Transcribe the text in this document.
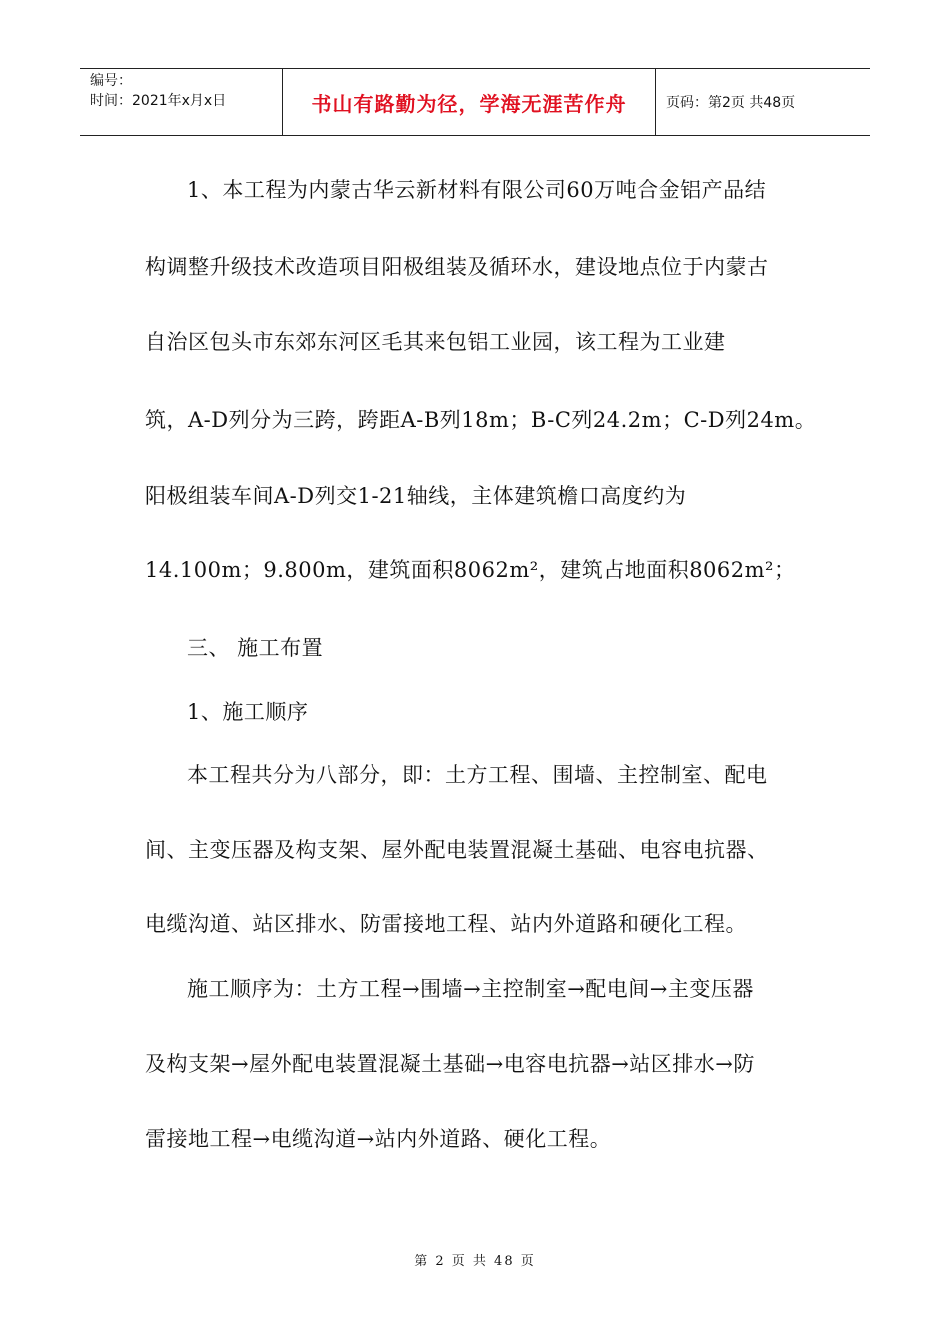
编号：
时间：2021年x月x日	书山有路勤为径，学海无涯苦作舟	页码：第2页 共48页
1、本工程为内蒙古华云新材料有限公司60万吨合金铝产品结
构调整升级技术改造项目阳极组装及循环水，建设地点位于内蒙古
自治区包头市东郊东河区毛其来包铝工业园，该工程为工业建
筑，A-D列分为三跨，跨距A-B列18m；B-C列24.2m；C-D列24m。
阳极组装车间A-D列交1-21轴线，主体建筑檐口高度约为
14.100m；9.800m，建筑面积8062m²，建筑占地面积8062m²；
三、 施工布置
1、施工顺序
本工程共分为八部分，即：土方工程、围墙、主控制室、配电
间、主变压器及构支架、屋外配电装置混凝土基础、电容电抗器、
电缆沟道、站区排水、防雷接地工程、站内外道路和硬化工程。
施工顺序为：土方工程→围墙→主控制室→配电间→主变压器
及构支架→屋外配电装置混凝土基础→电容电抗器→站区排水→防
雷接地工程→电缆沟道→站内外道路、硬化工程。
第 2 页 共 48 页
